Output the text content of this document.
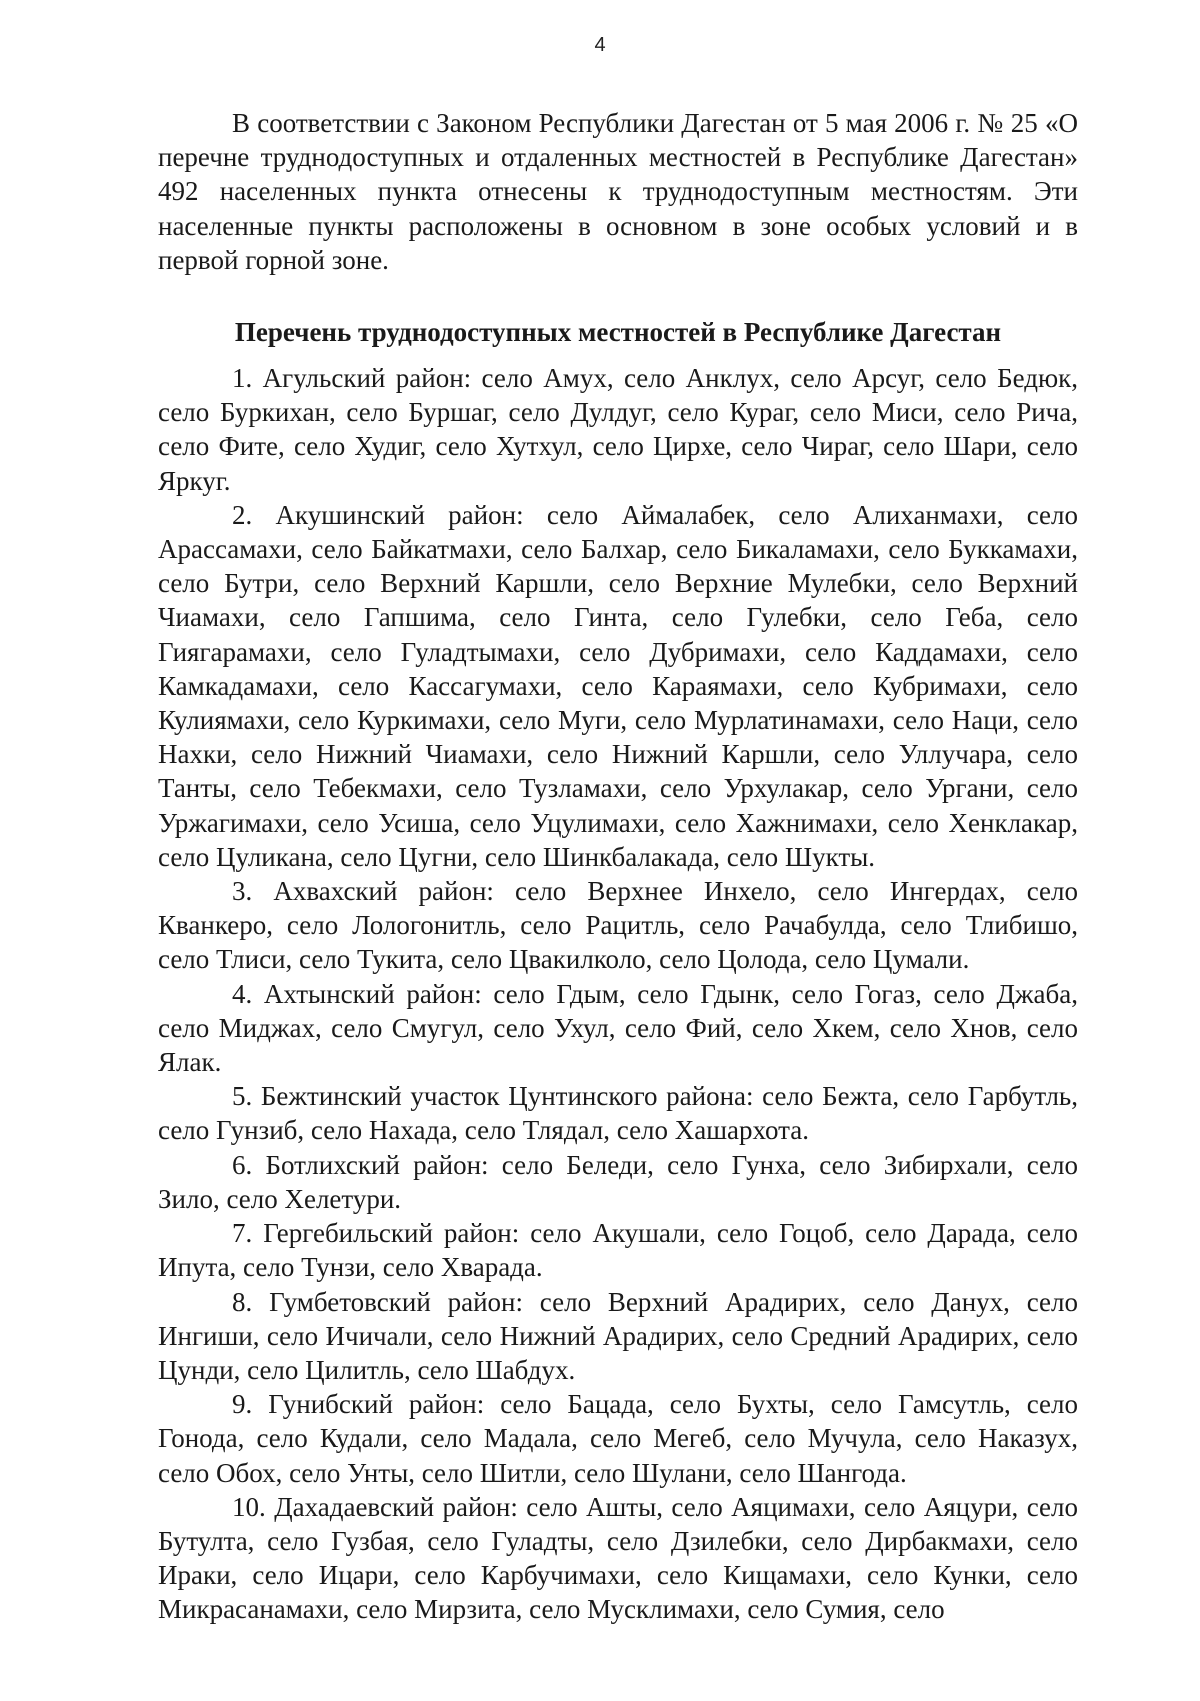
4

В соответствии с Законом Республики Дагестан от 5 мая 2006 г. № 25 «О перечне труднодоступных и отдаленных местностей в Республике Дагестан» 492 населенных пункта отнесены к труднодоступным местностям. Эти населенные пункты расположены в основном в зоне особых условий и в первой горной зоне.

Перечень труднодоступных местностей в Республике Дагестан

1. Агульский район: село Амух, село Анклух, село Арсуг, село Бедюк, село Буркихан, село Буршаг, село Дулдуг, село Кураг, село Миси, село Рича, село Фите, село Худиг, село Хутхул, село Цирхе, село Чираг, село Шари, село Яркуг.

2. Акушинский район: село Аймалабек, село Алиханмахи, село Арассамахи, село Байкатмахи, село Балхар, село Бикаламахи, село Буккамахи, село Бутри, село Верхний Каршли, село Верхние Мулебки, село Верхний Чиамахи, село Гапшима, село Гинта, село Гулебки, село Геба, село Гиягарамахи, село Гуладтымахи, село Дубримахи, село Каддамахи, село Камкадамахи, село Кассагумахи, село Караямахи, село Кубримахи, село Кулиямахи, село Куркимахи, село Муги, село Мурлатинамахи, село Наци, село Нахки, село Нижний Чиамахи, село Нижний Каршли, село Уллучара, село Танты, село Тебекмахи, село Тузламахи, село Урхулакар, село Ургани, село Уржагимахи, село Усиша, село Уцулимахи, село Хажнимахи, село Хенклакар, село Цуликана, село Цугни, село Шинкбалакада, село Шукты.

3. Ахвахский район: село Верхнее Инхело, село Ингердах, село Кванкеро, село Лологонитль, село Рацитль, село Рачабулда, село Тлибишо, село Тлиси, село Тукита, село Цвакилколо, село Цолода, село Цумали.

4. Ахтынский район: село Гдым, село Гдынк, село Гогаз, село Джаба, село Миджах, село Смугул, село Ухул, село Фий, село Хкем, село Хнов, село Ялак.

5. Бежтинский участок Цунтинского района: село Бежта, село Гарбутль, село Гунзиб, село Нахада, село Тлядал, село Хашархота.

6. Ботлихский район: село Беледи, село Гунха, село Зибирхали, село Зило, село Хелетури.

7. Гергебильский район: село Акушали, село Гоцоб, село Дарада, село Ипута, село Тунзи, село Хварада.

8. Гумбетовский район: село Верхний Арадирих, село Данух, село Ингиши, село Ичичали, село Нижний Арадирих, село Средний Арадирих, село Цунди, село Цилитль, село Шабдух.

9. Гунибский район: село Бацада, село Бухты, село Гамсутль, село Гонода, село Кудали, село Мадала, село Мегеб, село Мучула, село Наказух, село Обох, село Унты, село Шитли, село Шулани, село Шангода.

10. Дахадаевский район: село Ашты, село Аяцимахи, село Аяцури, село Бутулта, село Гузбая, село Гуладты, село Дзилебки, село Дирбакмахи, село Ираки, село Ицари, село Карбучимахи, село Кищамахи, село Кунки, село Микрасанамахи, село Мирзита, село Мусклимахи, село Сумия, село
